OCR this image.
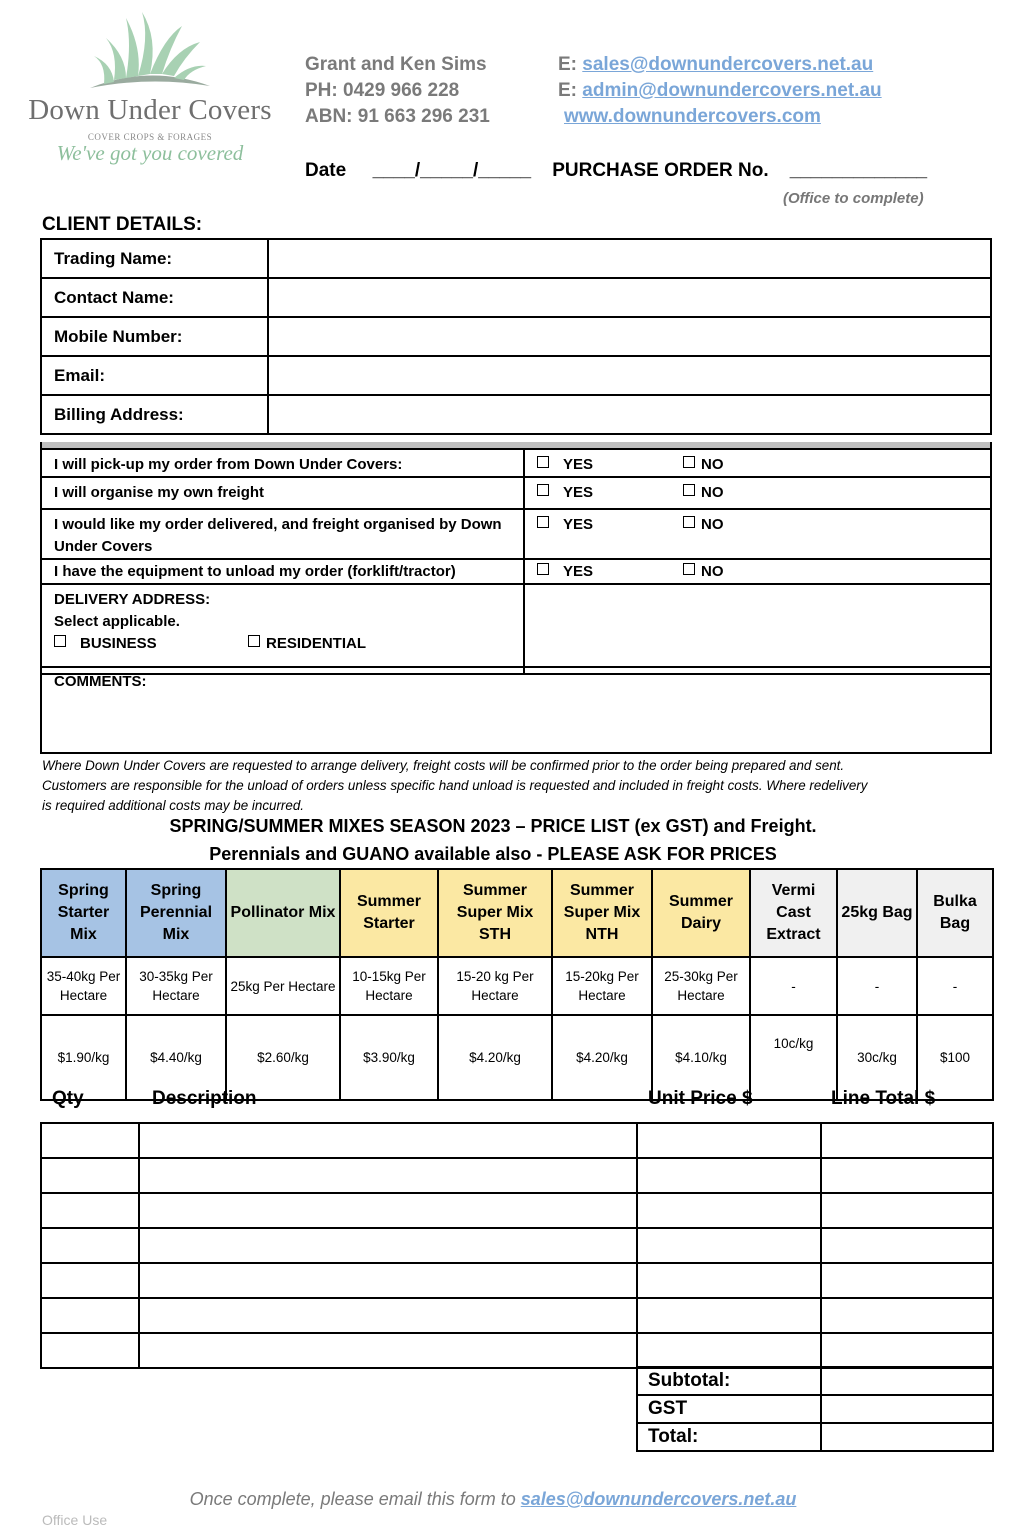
Down Under Covers
COVER CROPS & FORAGES
We've got you covered
Grant and Ken Sims
PH: 0429 966 228
ABN: 91 663 296 231
E: sales@downundercovers.net.au
E: admin@downundercovers.net.au
www.downundercovers.com
Date ____/_____/_____ PURCHASE ORDER No. _____________
(Office to complete)
CLIENT DETAILS:
Trading Name:	
Contact Name:	
Mobile Number:	
Email:	
Billing Address:	
I will pick-up my order from Down Under Covers:	YES NO
I will organise my own freight	YES NO
I would like my order delivered, and freight organised by Down Under Covers	YES NO
I have the equipment to unload my order (forklift/tractor)	YES NO

DELIVERY ADDRESS:
Select applicable.
BUSINESS RESIDENTIAL	

COMMENTS:
Where Down Under Covers are requested to arrange delivery, freight costs will be confirmed prior to the order being prepared and sent.
Customers are responsible for the unload of orders unless specific hand unload is requested and included in freight costs. Where redelivery
is required additional costs may be incurred.
SPRING/SUMMER MIXES SEASON 2023 – PRICE LIST (ex GST) and Freight.
Perennials and GUANO available also - PLEASE ASK FOR PRICES
Spring Starter Mix	Spring Perennial Mix	Pollinator Mix	Summer Starter	Summer Super Mix STH	Summer Super Mix NTH	Summer Dairy	Vermi Cast Extract	25kg Bag	Bulka Bag
35-40kg Per Hectare	30-35kg Per Hectare	25kg Per Hectare	10-15kg Per Hectare	15-20 kg Per Hectare	15-20kg Per Hectare	25-30kg Per Hectare	-	-	-
$1.90/kg	$4.40/kg	$2.60/kg	$3.90/kg	$4.20/kg	$4.20/kg	$4.10/kg	10c/kg	30c/kg	$100
Qty	Description	Unit Price $	Line Total $

Subtotal:	
GST	
Total:	
Once complete, please email this form to sales@downundercovers.net.au
Office Use
